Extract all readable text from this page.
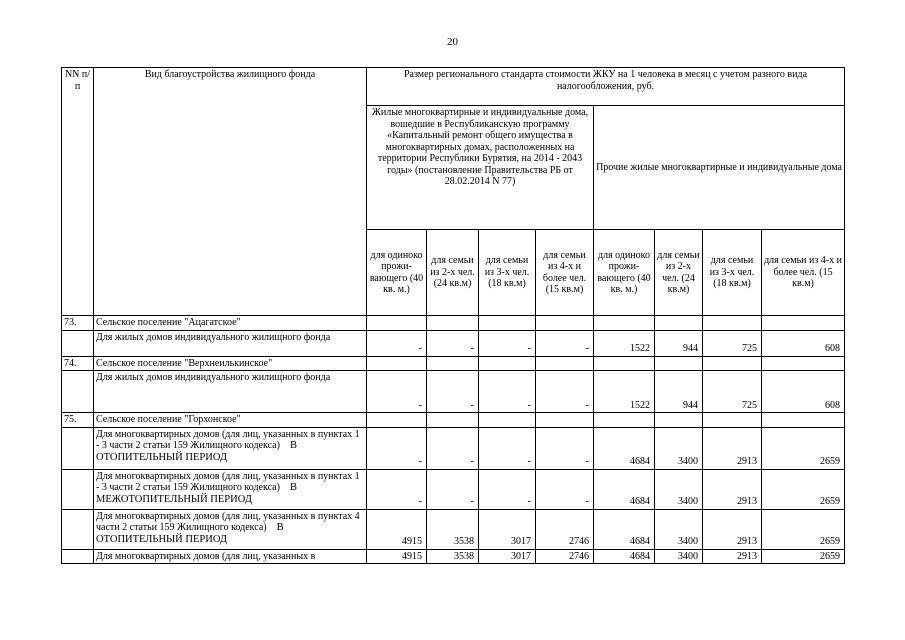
20
NN п/п	Вид благоустройства жилищного фонда	Размер регионального стандарта стоимости ЖКУ на 1 человека в месяц с учетом разного вида налогообложения, руб.							
		Жилые многоквартирные и индивидуальные дома, вошедшие в Республиканскую программу «Капитальный ремонт общего имущества в многоквартирных домах, расположенных на территории Республики Бурятия, на 2014 - 2043 годы» (постановление Правительства РБ от 28.02.2014 N 77)				Прочие жилые многоквартирные и индивидуальные дома			
		для одиноко прожи-вающего (40 кв. м.)	для семьи из 2-х чел. (24 кв.м)	для семьи из 3-х чел. (18 кв.м)	для семьи из 4-х и более чел. (15 кв.м)	для одиноко прожи-вающего (40 кв. м.)	для семьи из 2-х чел. (24 кв.м)	для семьи из 3-х чел. (18 кв.м)	для семьи из 4-х и более чел. (15 кв.м)
73.	Сельское поселение "Ацагатское"								
	Для жилых домов индивидуального жилищного фонда	-	-	-	-	1522	944	725	608
74.	Сельское поселение "Верхнеилькинское"								
	Для жилых домов индивидуального жилищного фонда	-	-	-	-	1522	944	725	608
75.	Сельское поселение "Горхонское"								
	Для многоквартирных домов (для лиц, указанных в пунктах 1 - 3 части 2 статьи 159 Жилищного кодекса) В ОТОПИТЕЛЬНЫЙ ПЕРИОД	-	-	-	-	4684	3400	2913	2659
	Для многоквартирных домов (для лиц, указанных в пунктах 1 - 3 части 2 статьи 159 Жилищного кодекса) В МЕЖОТОПИТЕЛЬНЫЙ ПЕРИОД	-	-	-	-	4684	3400	2913	2659
	Для многоквартирных домов (для лиц, указанных в пунктах 4 части 2 статьи 159 Жилищного кодекса) В ОТОПИТЕЛЬНЫЙ ПЕРИОД	4915	3538	3017	2746	4684	3400	2913	2659
	Для многоквартирных домов (для лиц, указанных в	4915	3538	3017	2746	4684	3400	2913	2659
